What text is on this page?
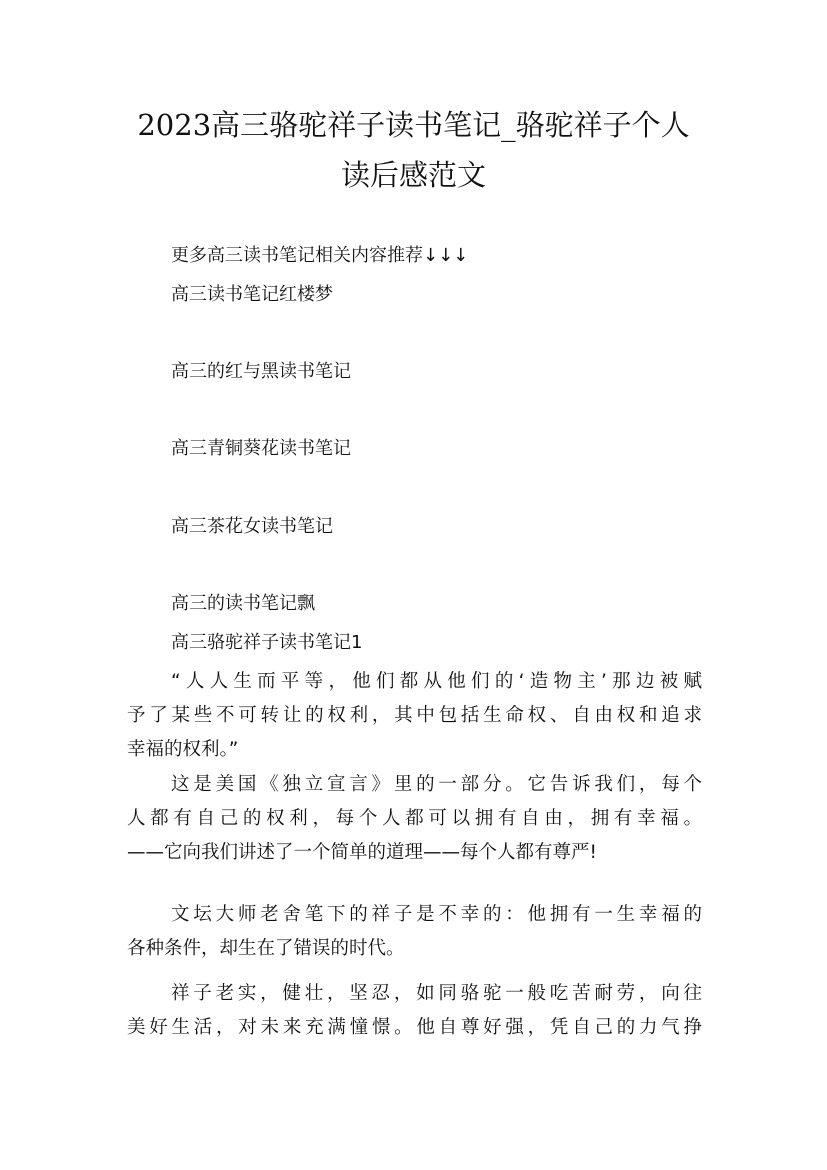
2023高三骆驼祥子读书笔记_骆驼祥子个人
读后感范文

更多高三读书笔记相关内容推荐↓↓↓

高三读书笔记红楼梦

高三的红与黑读书笔记

高三青铜葵花读书笔记

高三茶花女读书笔记

高三的读书笔记飘

高三骆驼祥子读书笔记1

“人人生而平等，他们都从他们的‘造物主’那边被赋
予了某些不可转让的权利，其中包括生命权、自由权和追求
幸福的权利。”
这是美国《独立宣言》里的一部分。它告诉我们，每个
人都有自己的权利，每个人都可以拥有自由，拥有幸福。
——它向我们讲述了一个简单的道理——每个人都有尊严!
文坛大师老舍笔下的祥子是不幸的：他拥有一生幸福的
各种条件，却生在了错误的时代。
祥子老实，健壮，坚忍，如同骆驼一般吃苦耐劳，向往
美好生活，对未来充满憧憬。他自尊好强，凭自己的力气挣
